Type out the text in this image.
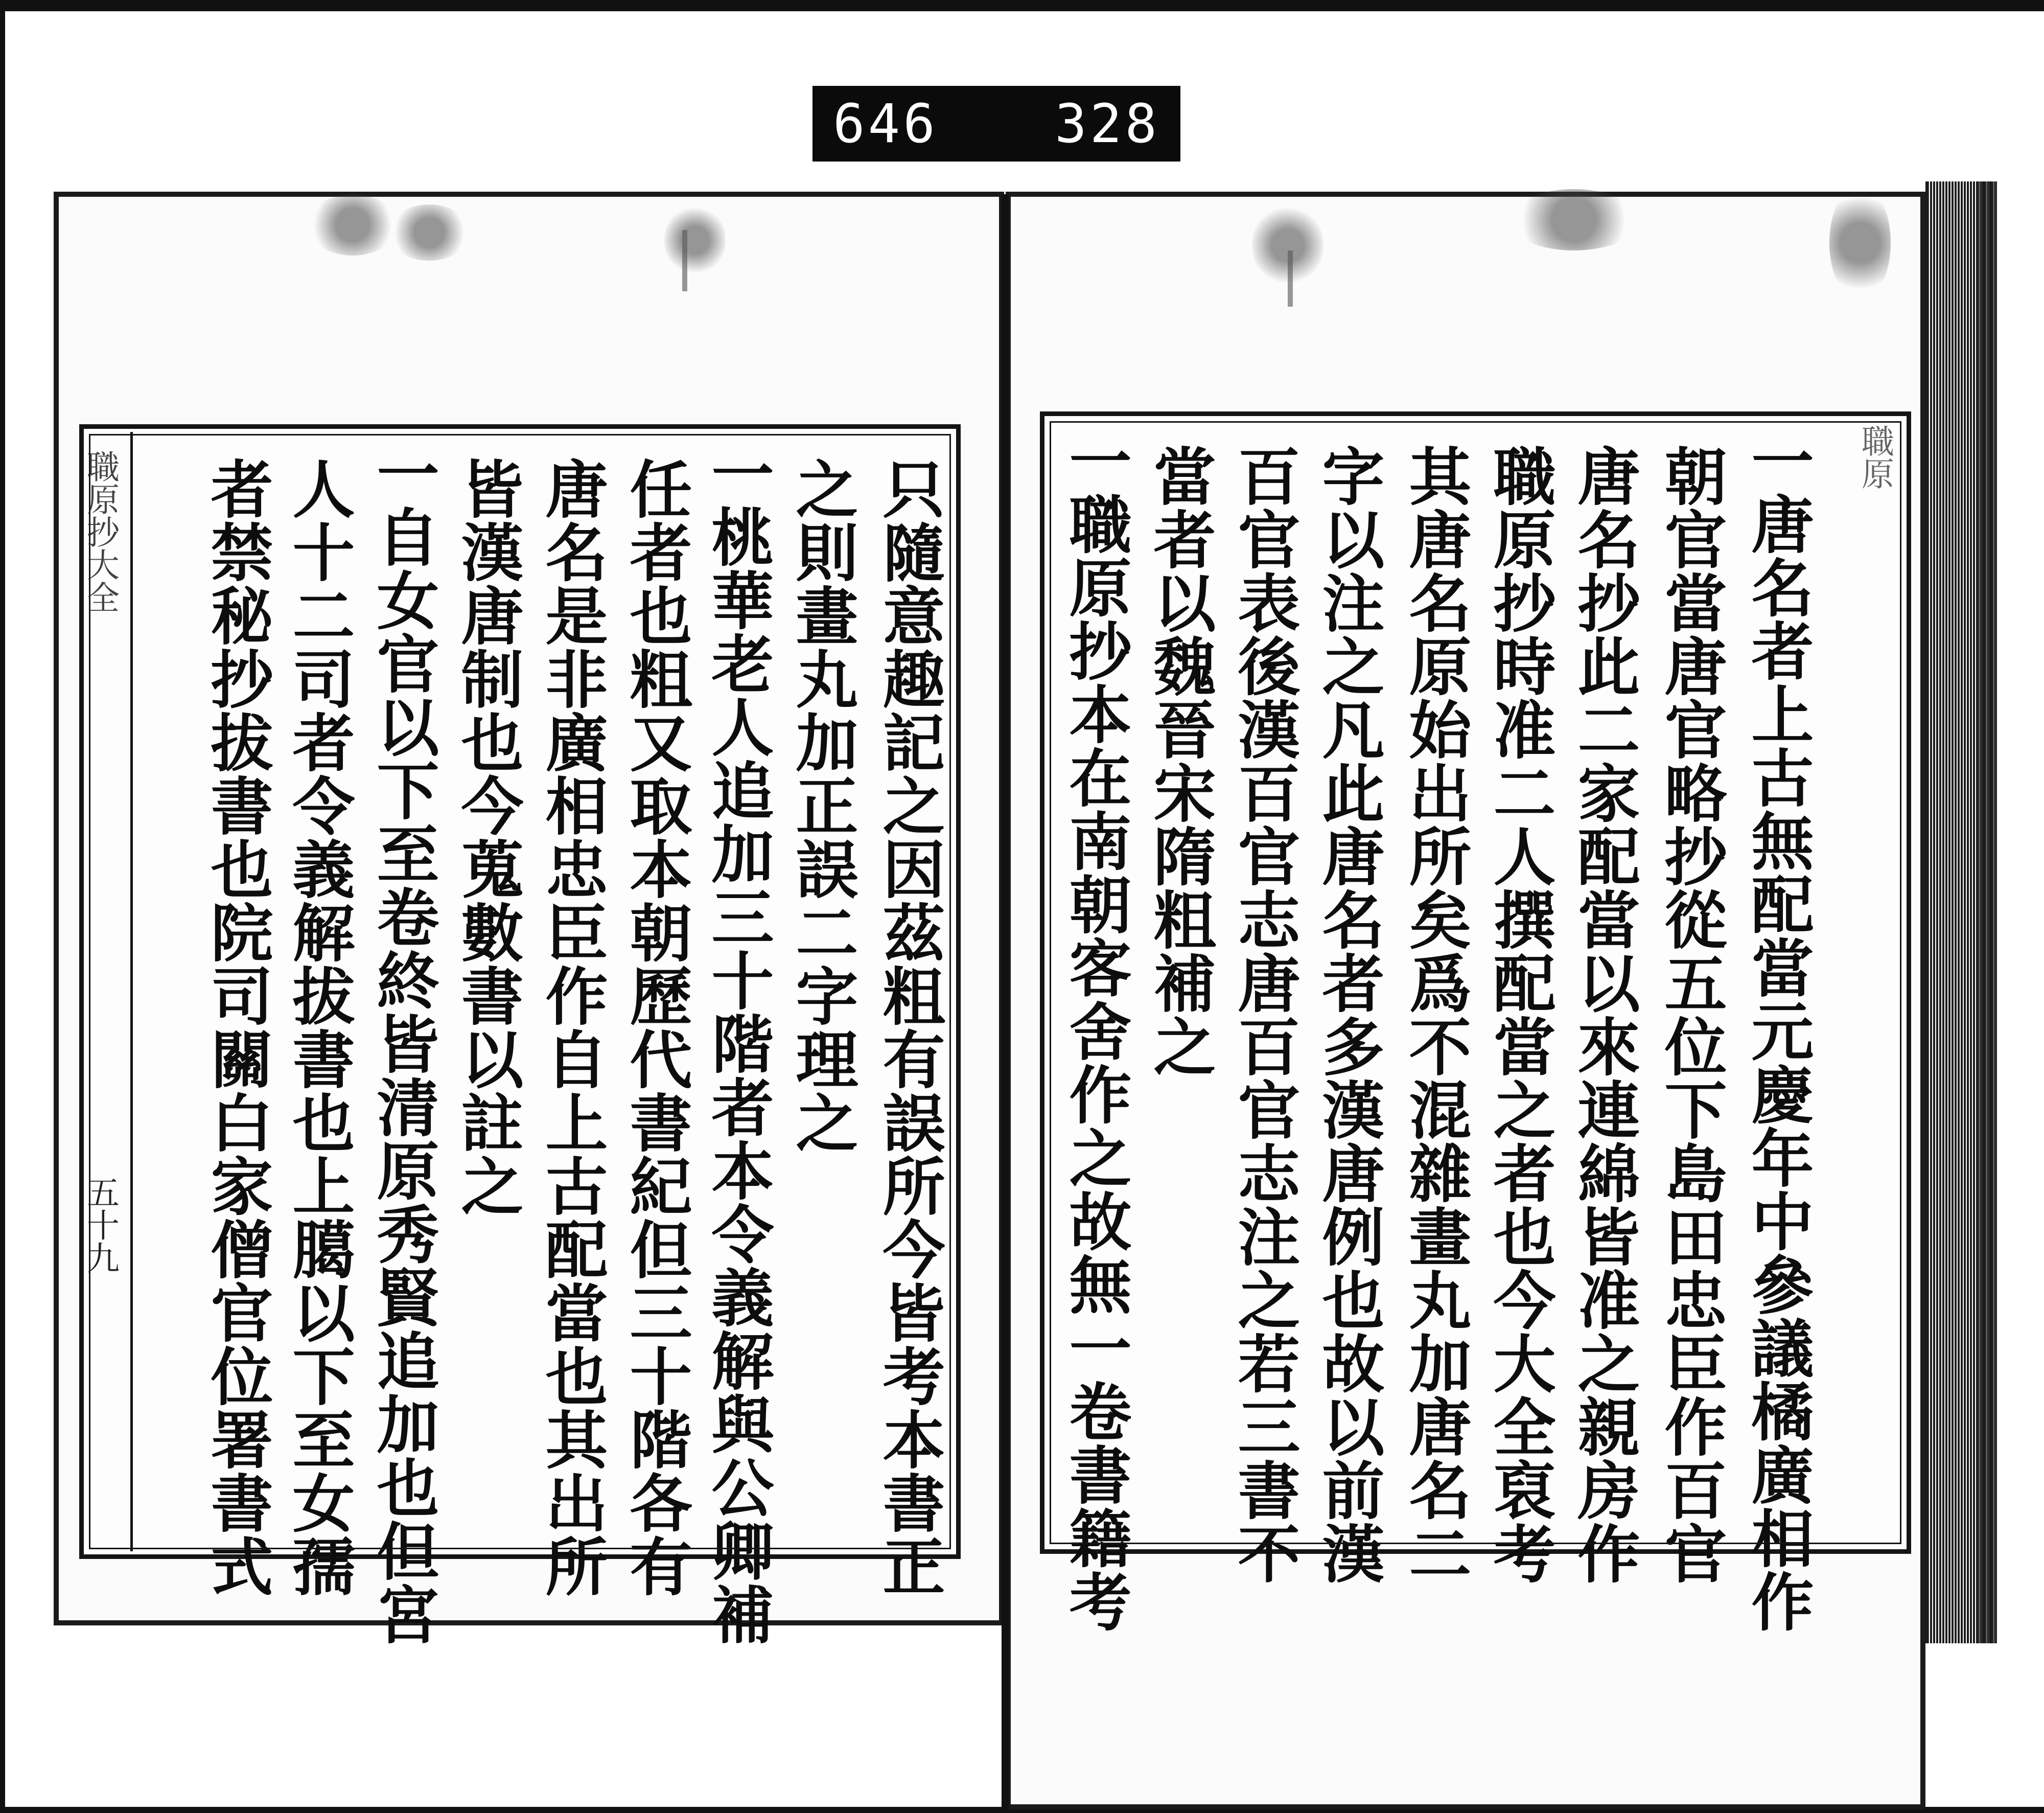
646 328
只隨意趣記之因茲粗有誤所今皆考本書正
之則畫丸加正誤二字理之
一桃華老人追加三十階者本令義解與公卿補
任者也粗又取本朝歷代書紀但三十階各有
唐名是非廣相忠臣作自上古配當也其出所
皆漢唐制也今蒐數書以註之
一自女官以下至卷終皆清原秀賢追加也但宮
人十二司者令義解拔書也上臈以下至女孺
者禁秘抄拔書也院司關白家僧官位署書式
職原抄大全
五十九	一唐名者上古無配當元慶年中參議橘廣相作
朝官當唐官略抄從五位下島田忠臣作百官
唐名抄此二家配當以來連綿皆准之親房作
職原抄時准二人撰配當之者也今大全裒考
其唐名原始出所矣爲不混雜畫丸加唐名二
字以注之凡此唐名者多漢唐例也故以前漢
百官表後漢百官志唐百官志注之若三書不
當者以魏晉宋隋粗補之
一職原抄本在南朝客舍作之故無一卷書籍考	職原
